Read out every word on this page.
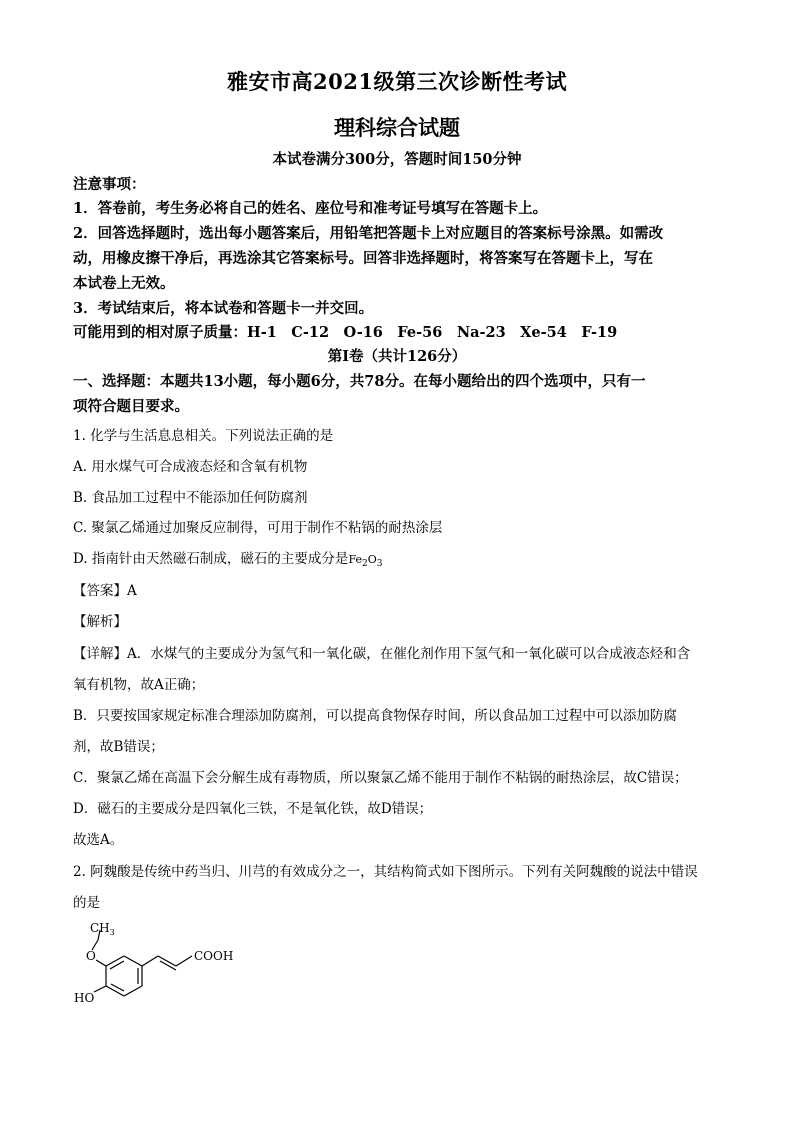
雅安市高2021级第三次诊断性考试
理科综合试题
本试卷满分300分，答题时间150分钟
注意事项：
1．答卷前，考生务必将自己的姓名、座位号和准考证号填写在答题卡上。
2．回答选择题时，选出每小题答案后，用铅笔把答题卡上对应题目的答案标号涂黑。如需改
动，用橡皮擦干净后，再选涂其它答案标号。回答非选择题时，将答案写在答题卡上，写在
本试卷上无效。
3．考试结束后，将本试卷和答题卡一并交回。
可能用到的相对原子质量：H-1　C-12　O-16　Fe-56　Na-23　Xe-54　F-19
第Ⅰ卷（共计126分）
一、选择题：本题共13小题，每小题6分，共78分。在每小题给出的四个选项中，只有一
项符合题目要求。
1. 化学与生活息息相关。下列说法正确的是
A. 用水煤气可合成液态烃和含氧有机物
B. 食品加工过程中不能添加任何防腐剂
C. 聚氯乙烯通过加聚反应制得，可用于制作不粘锅的耐热涂层
D. 指南针由天然磁石制成，磁石的主要成分是$Fe_2O_3$
【答案】A
【解析】
【详解】A．水煤气的主要成分为氢气和一氧化碳，在催化剂作用下氢气和一氧化碳可以合成液态烃和含
氧有机物，故A正确；
B．只要按国家规定标准合理添加防腐剂，可以提高食物保存时间，所以食品加工过程中可以添加防腐
剂，故B错误；
C．聚氯乙烯在高温下会分解生成有毒物质，所以聚氯乙烯不能用于制作不粘锅的耐热涂层，故C错误；
D．磁石的主要成分是四氧化三铁，不是氧化铁，故D错误；
故选A。
2. 阿魏酸是传统中药当归、川芎的有效成分之一，其结构简式如下图所示。下列有关阿魏酸的说法中错误
的是
$CH_3$
O	COOH
HO
